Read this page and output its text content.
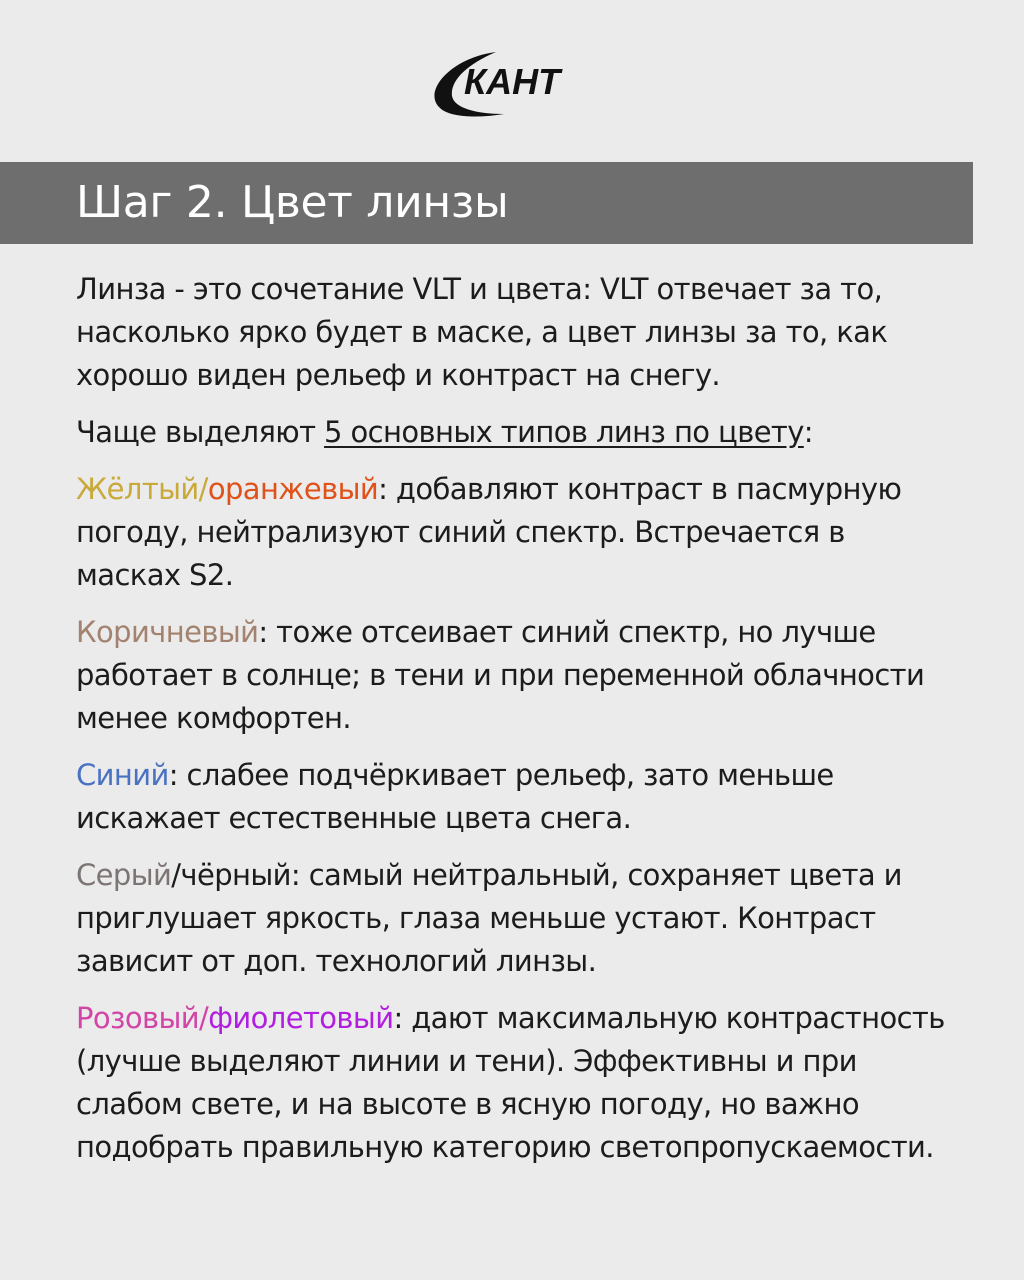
КАНТ
Шаг 2. Цвет линзы

Линза - это сочетание VLT и цвета: VLT отвечает за то, насколько ярко будет в маске, а цвет линзы за то, как хорошо виден рельеф и контраст на снегу.

Чаще выделяют 5 основных типов линз по цвету:

Жёлтый/оранжевый: добавляют контраст в пасмурную погоду, нейтрализуют синий спектр. Встречается в масках S2.

Коричневый: тоже отсеивает синий спектр, но лучше работает в солнце; в тени и при переменной облачности менее комфортен.

Синий: слабее подчёркивает рельеф, зато меньше искажает естественные цвета снега.

Серый/чёрный: самый нейтральный, сохраняет цвета и приглушает яркость, глаза меньше устают. Контраст зависит от доп. технологий линзы.

Розовый/фиолетовый: дают максимальную контрастность (лучше выделяют линии и тени). Эффективны и при слабом свете, и на высоте в ясную погоду, но важно подобрать правильную категорию светопропускаемости.
